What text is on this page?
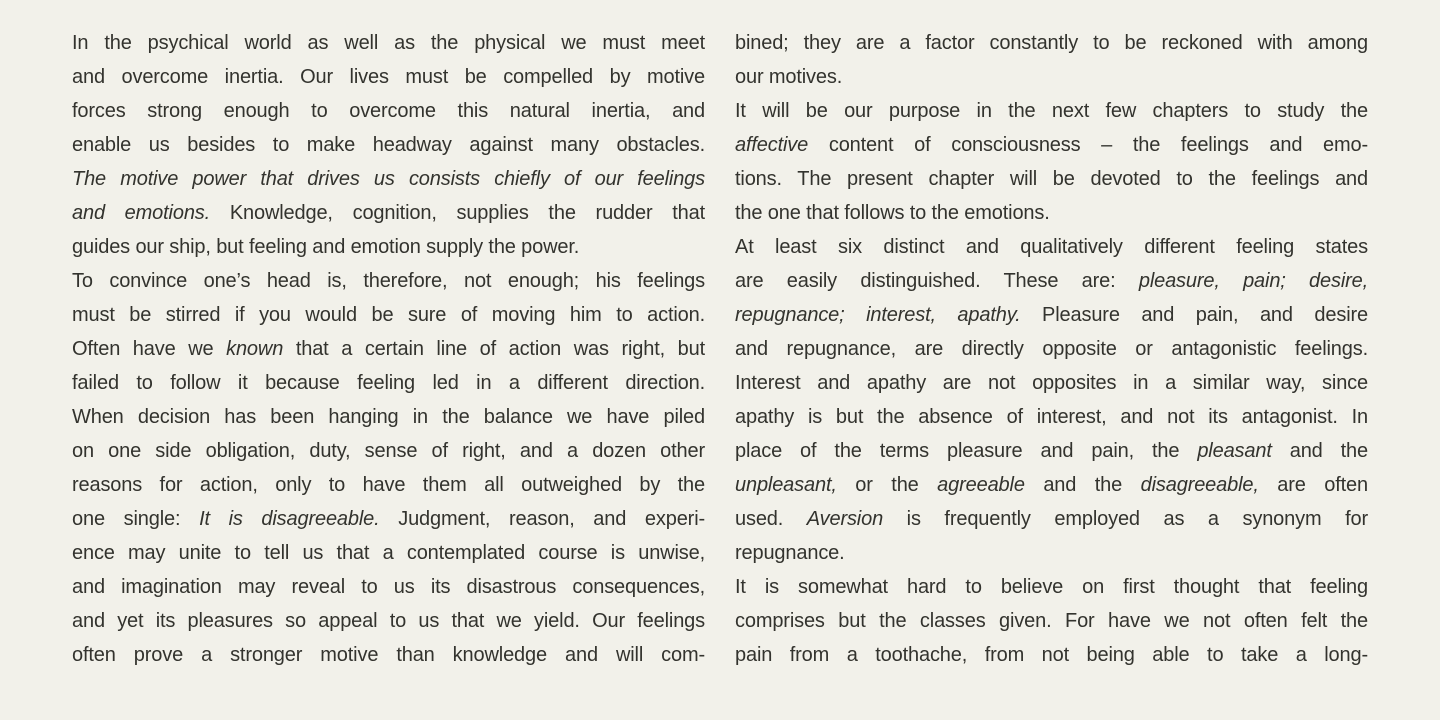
In the psychical world as well as the physical we must meet
and overcome inertia. Our lives must be compelled by motive
forces strong enough to overcome this natural inertia, and
enable us besides to make headway against many obstacles.
The motive power that drives us consists chiefly of our feelings
and emotions. Knowledge, cognition, supplies the rudder that
guides our ship, but feeling and emotion supply the power.
To convince one’s head is, therefore, not enough; his feelings
must be stirred if you would be sure of moving him to action.
Often have we known that a certain line of action was right, but
failed to follow it because feeling led in a different direction.
When decision has been hanging in the balance we have piled
on one side obligation, duty, sense of right, and a dozen other
reasons for action, only to have them all outweighed by the
one single: It is disagreeable. Judgment, reason, and experi-
ence may unite to tell us that a contemplated course is unwise,
and imagination may reveal to us its disastrous consequences,
and yet its pleasures so appeal to us that we yield. Our feelings
often prove a stronger motive than knowledge and will com-
bined; they are a factor constantly to be reckoned with among
our motives.
It will be our purpose in the next few chapters to study the
affective content of consciousness – the feelings and emo-
tions. The present chapter will be devoted to the feelings and
the one that follows to the emotions.
At least six distinct and qualitatively different feeling states
are easily distinguished. These are: pleasure, pain; desire,
repugnance; interest, apathy. Pleasure and pain, and desire
and repugnance, are directly opposite or antagonistic feelings.
Interest and apathy are not opposites in a similar way, since
apathy is but the absence of interest, and not its antagonist. In
place of the terms pleasure and pain, the pleasant and the
unpleasant, or the agreeable and the disagreeable, are often
used. Aversion is frequently employed as a synonym for
repugnance.
It is somewhat hard to believe on first thought that feeling
comprises but the classes given. For have we not often felt the
pain from a toothache, from not being able to take a long-
